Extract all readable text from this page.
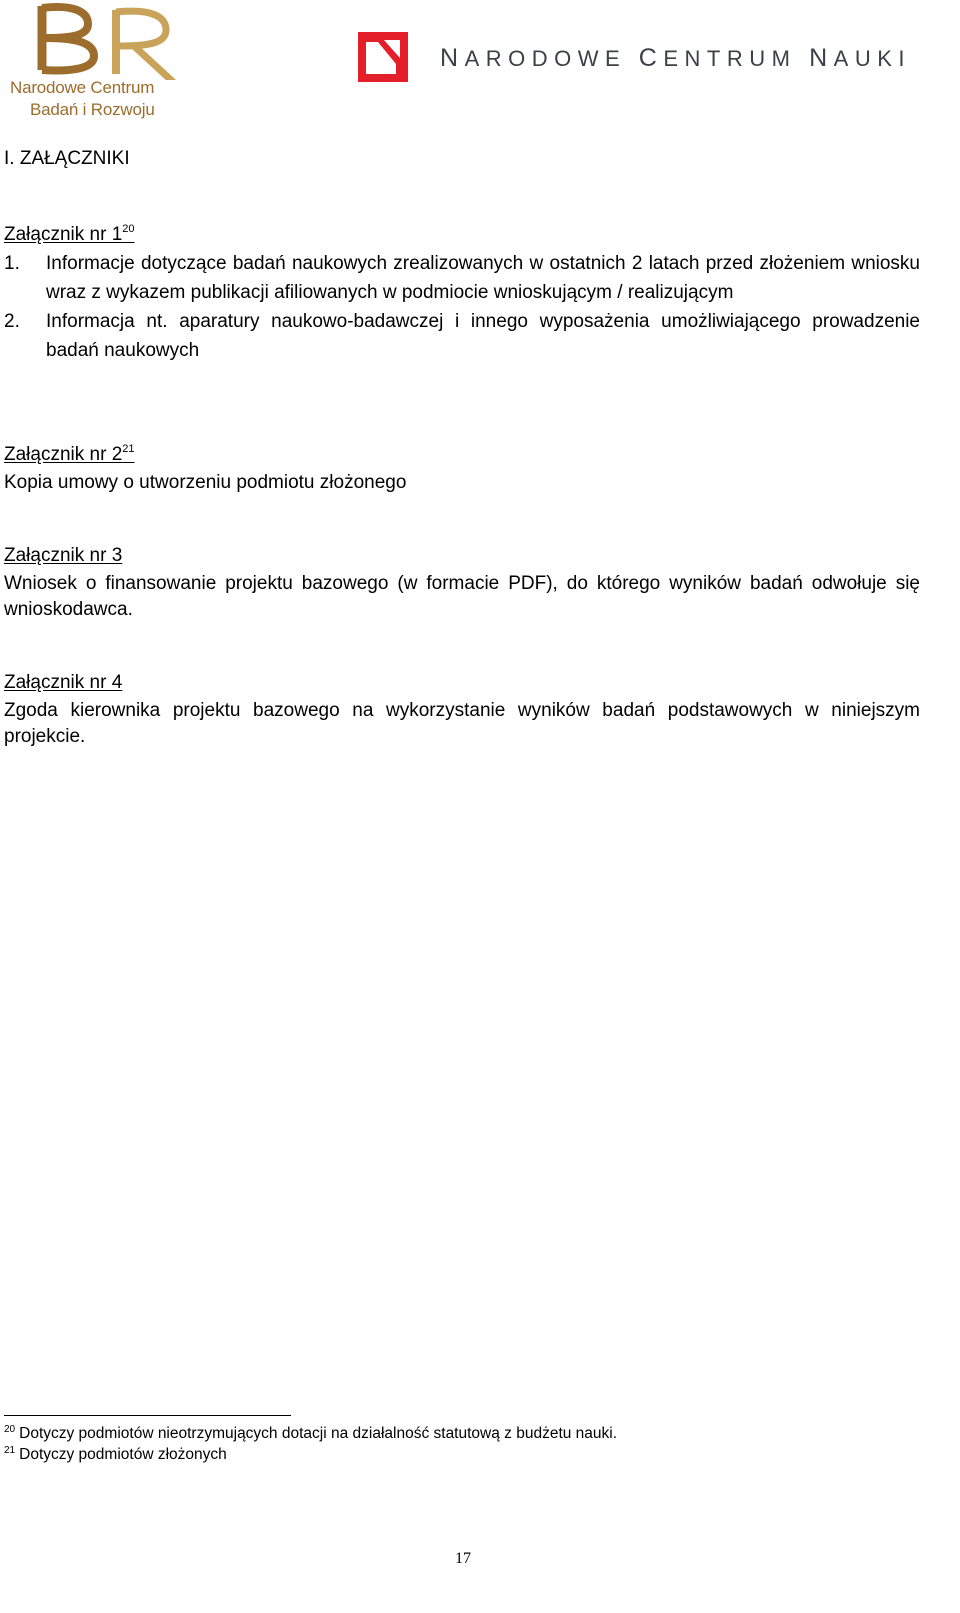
Narodowe Centrum
Badań i Rozwoju
NARODOWE CENTRUM NAUKI
I. ZAŁĄCZNIKI
Załącznik nr $1^{20}$
1. Informacje dotyczące badań naukowych zrealizowanych w ostatnich 2 latach przed złożeniem wniosku wraz z wykazem publikacji afiliowanych w podmiocie wnioskującym / realizującym
2. Informacja nt. aparatury naukowo-badawczej i innego wyposażenia umożliwiającego prowadzenie badań naukowych
Załącznik nr $2^{21}$
Kopia umowy o utworzeniu podmiotu złożonego
Załącznik nr 3
Wniosek o finansowanie projektu bazowego (w formacie PDF), do którego wyników badań odwołuje się wnioskodawca.
Załącznik nr 4
Zgoda kierownika projektu bazowego na wykorzystanie wyników badań podstawowych w niniejszym projekcie.
$^{20}$ Dotyczy podmiotów nieotrzymujących dotacji na działalność statutową z budżetu nauki.
$^{21}$ Dotyczy podmiotów złożonych
17
